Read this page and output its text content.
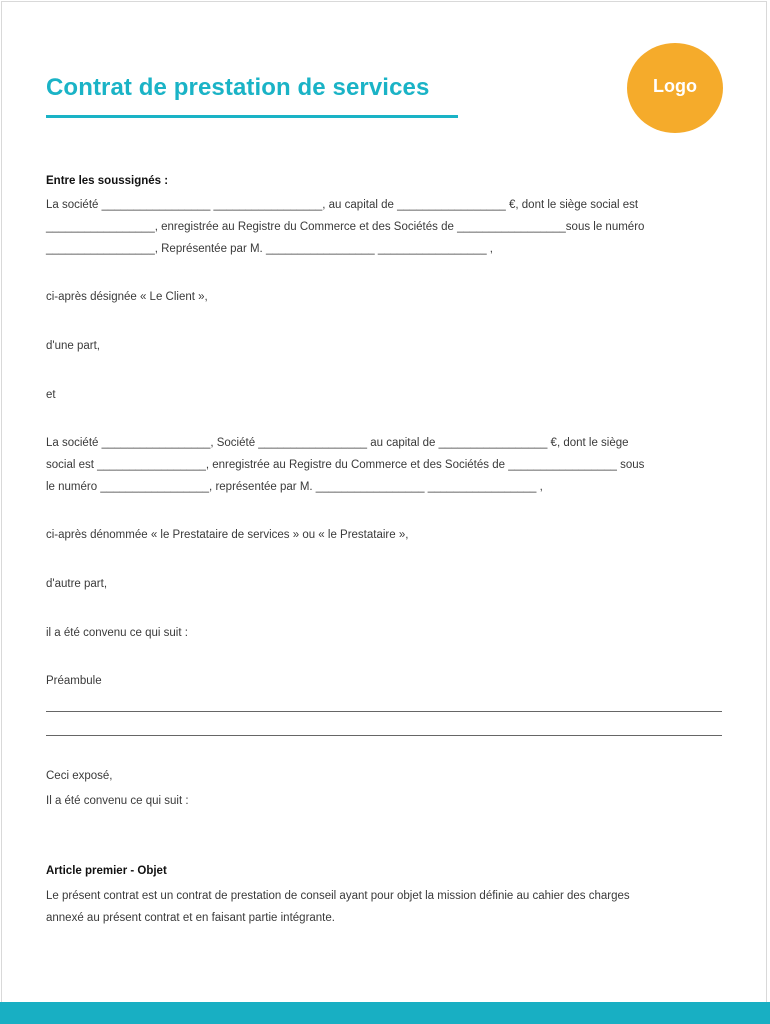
Contrat de prestation de services	Logo
Entre les soussignés :
La société _________________ _________________, au capital de _________________ €, dont le siège social est
_________________, enregistrée au Registre du Commerce et des Sociétés de _________________sous le numéro
_________________, Représentée par M. _________________ _________________ ,
ci-après désignée « Le Client »,
d'une part,
et
La société _________________, Société _________________ au capital de _________________ €, dont le siège
social est _________________, enregistrée au Registre du Commerce et des Sociétés de _________________ sous
le numéro _________________, représentée par M. _________________ _________________ ,
ci-après dénommée « le Prestataire de services » ou « le Prestataire »,
d'autre part,
il a été convenu ce qui suit :
Préambule
Ceci exposé,
Il a été convenu ce qui suit :
Article premier - Objet
Le présent contrat est un contrat de prestation de conseil ayant pour objet la mission définie au cahier des charges
annexé au présent contrat et en faisant partie intégrante.
